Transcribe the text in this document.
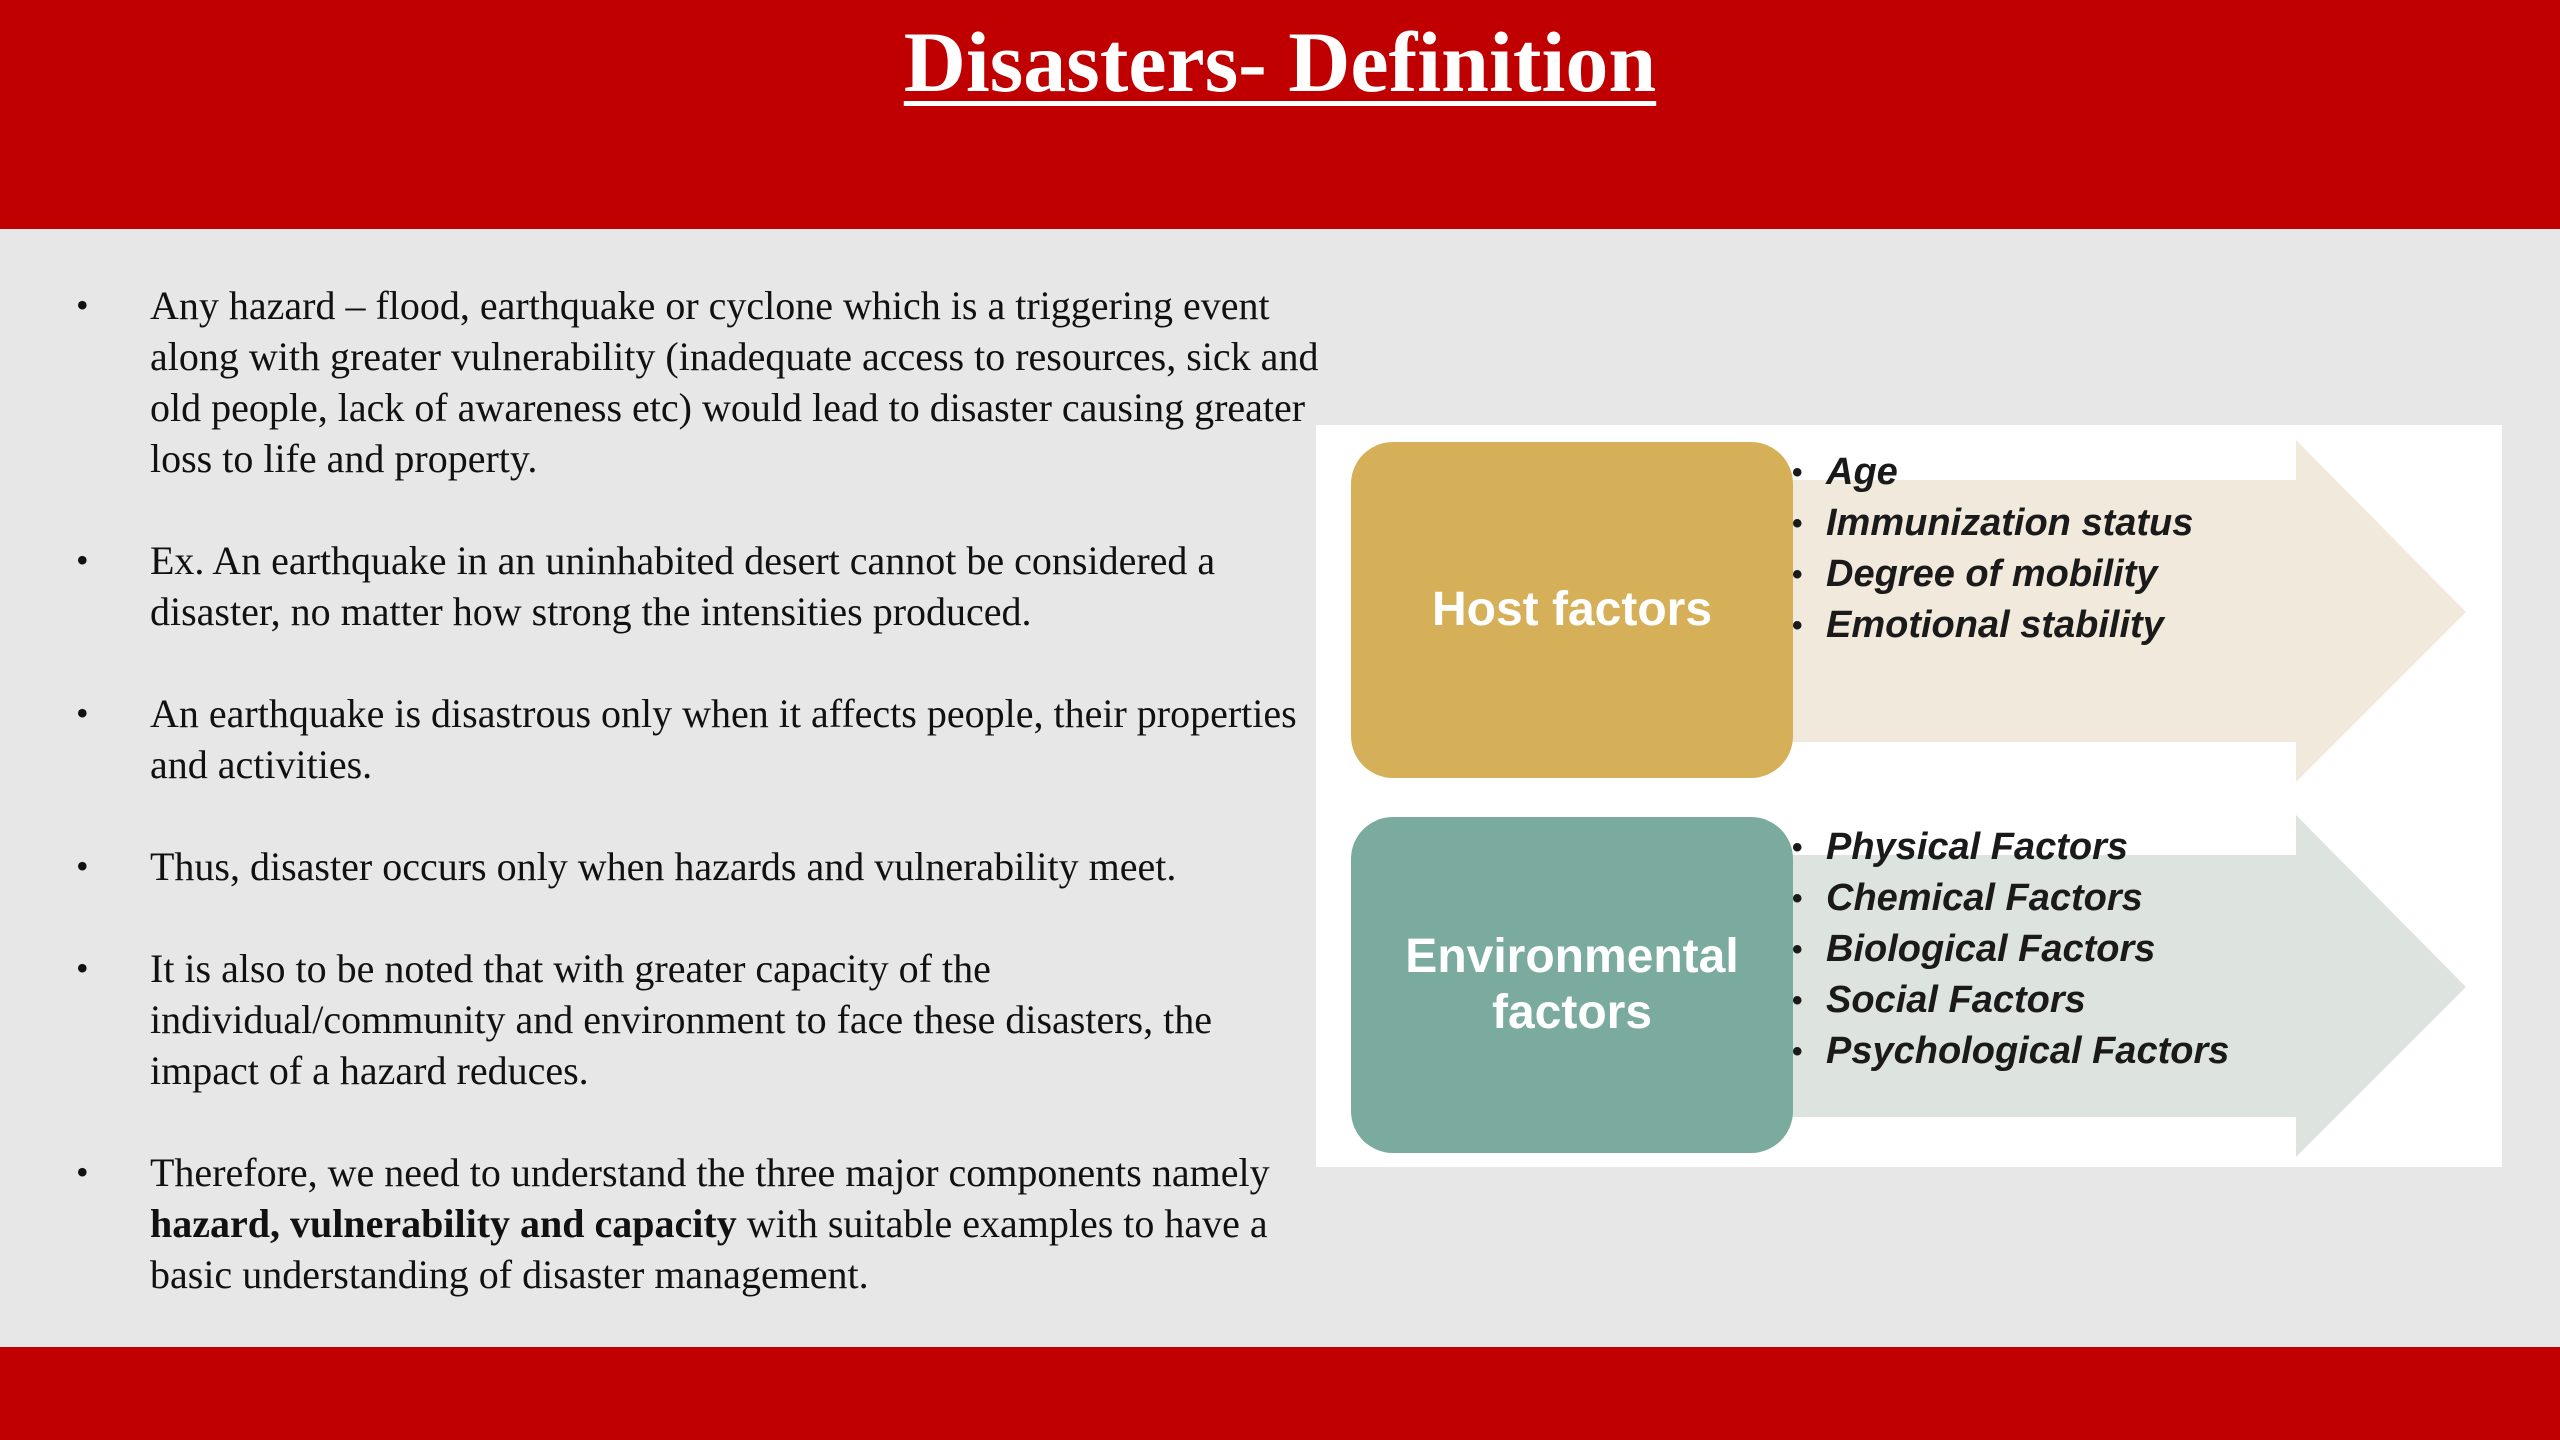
Disasters- Definition
• Any hazard – flood, earthquake or cyclone which is a triggering event along with greater vulnerability (inadequate access to resources, sick and old people, lack of awareness etc) would lead to disaster causing greater loss to life and property.
• Ex. An earthquake in an uninhabited desert cannot be considered a disaster, no matter how strong the intensities produced.
• An earthquake is disastrous only when it affects people, their properties and activities.
• Thus, disaster occurs only when hazards and vulnerability meet.
• It is also to be noted that with greater capacity of the individual/community and environment to face these disasters, the impact of a hazard reduces.
• Therefore, we need to understand the three major components namely hazard, vulnerability and capacity with suitable examples to have a basic understanding of disaster management.
Host factors
• Age
• Immunization status
• Degree of mobility
• Emotional stability
Environmental
factors
• Physical Factors
• Chemical Factors
• Biological Factors
• Social Factors
• Psychological Factors
